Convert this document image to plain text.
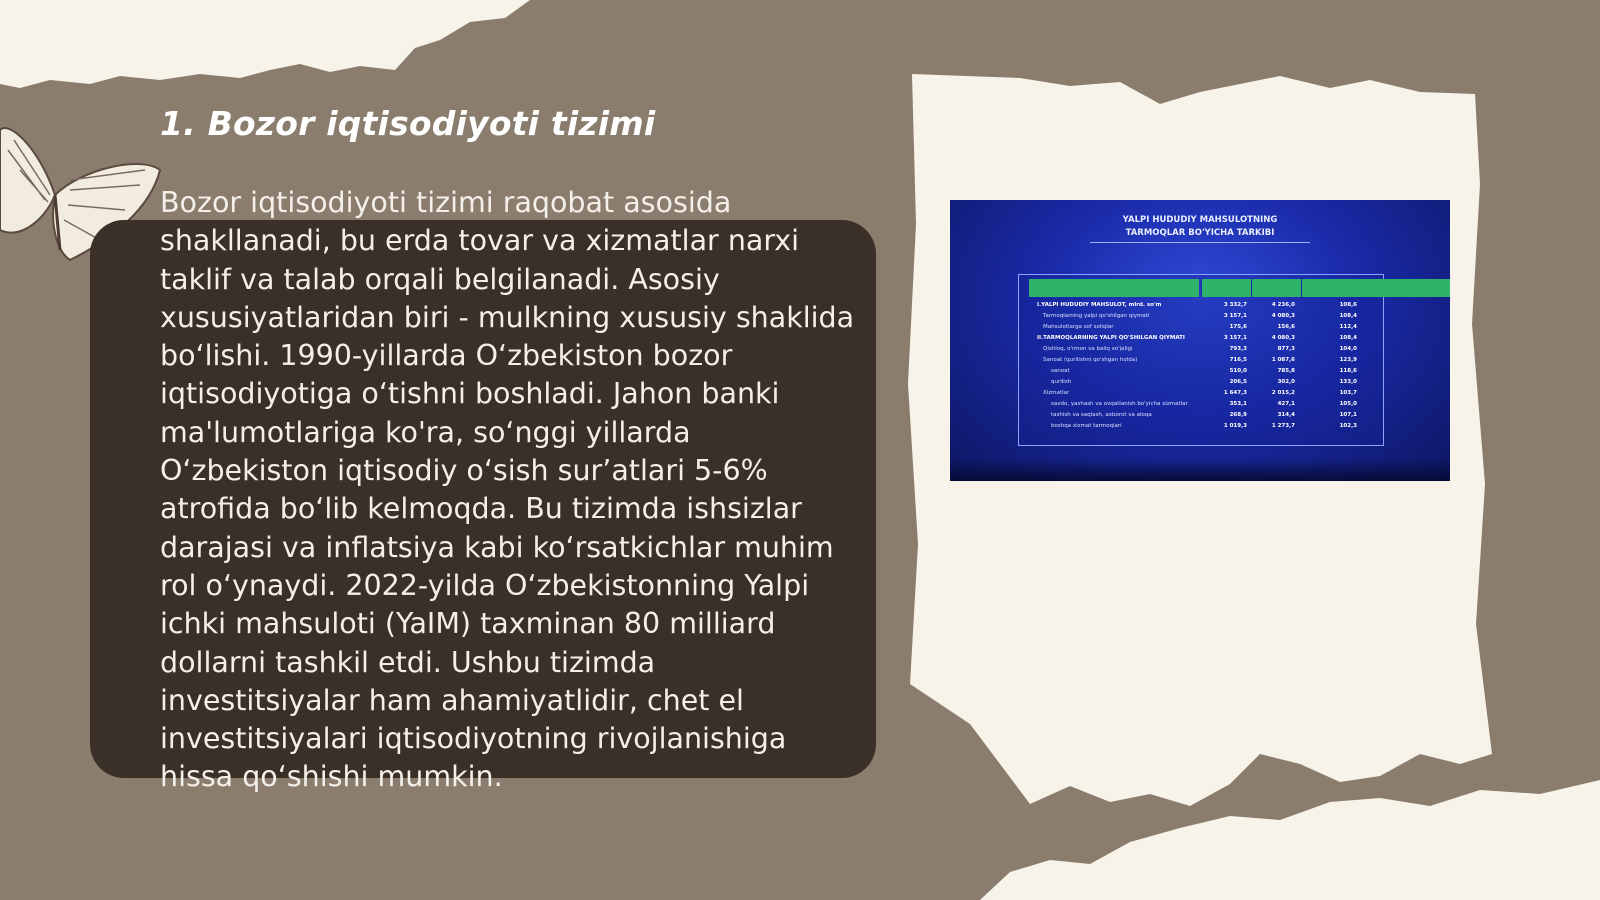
1. Bozor iqtisodiyoti tizimi

Bozor iqtisodiyoti tizimi raqobat asosida shakllanadi, bu erda tovar va xizmatlar narxi taklif va talab orqali belgilanadi. Asosiy xususiyatlaridan biri - mulkning xususiy shaklida bo‘lishi. 1990-yillarda O‘zbekiston bozor iqtisodiyotiga o‘tishni boshladi. Jahon banki ma'lumotlariga ko'ra, so‘nggi yillarda O‘zbekiston iqtisodiy o‘sish sur’atlari 5-6% atrofida bo‘lib kelmoqda. Bu tizimda ishsizlar darajasi va inflatsiya kabi ko‘rsatkichlar muhim rol o‘ynaydi. 2022-yilda O‘zbekistonning Yalpi ichki mahsuloti (YaIM) taxminan 80 milliard dollarni tashkil etdi. Ushbu tizimda investitsiyalar ham ahamiyatlidir, chet el investitsiyalari iqtisodiyotning rivojlanishiga hissa qo‘shishi mumkin.

YALPI HUDUDIY MAHSULOTNING
TARMOQLAR BO'YICHA TARKIBI

I.YALPI HUDUDIY MAHSULOT, mlrd. so'm	3 332,7	4 236,0	108,6
Tarmoqlarning yalpi qo'shilgan qiymati	3 157,1	4 080,3	108,4
Mahsulotlarga sof soliqlar	175,6	156,6	112,4
II.TARMOQLARNING YALPI QO'SHILGAN QIYMATI	3 157,1	4 080,3	108,4
Qishloq, o'rmon va baliq xo'jaligi	793,3	877,3	104,0
Sanoat (qurilishni qo'shgan holda)	716,5	1 087,6	123,9
sanoat	510,0	785,8	118,6
qurilish	206,5	302,0	133,0
Xizmatlar	1 647,3	2 015,2	103,7
savdo, yashash va ovqatlanish bo'yicha xizmatlar	353,1	427,1	105,0
tashish va saqlash, axborot va aloqa	268,9	314,4	107,1
boshqa xizmat tarmoqlari	1 019,3	1 273,7	102,3
